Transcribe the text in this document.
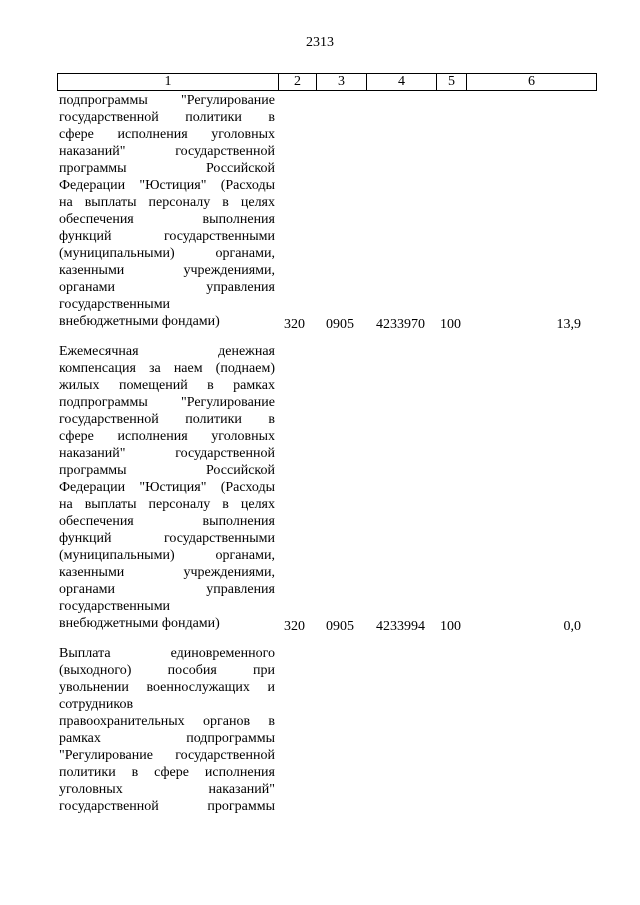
2313
1	2	3	4	5	6
подпрограммы "Регулирование
государственной политики в
сфере исполнения уголовных
наказаний" государственной
программы Российской
Федерации "Юстиция" (Расходы
на выплаты персоналу в целях
обеспечения выполнения
функций государственными
(муниципальными) органами,
казенными учреждениями,
органами управления
государственными
внебюджетными фондами)	320 0905 4233970 100	13,9
Ежемесячная денежная
компенсация за наем (поднаем)
жилых помещений в рамках
подпрограммы "Регулирование
государственной политики в
сфере исполнения уголовных
наказаний" государственной
программы Российской
Федерации "Юстиция" (Расходы
на выплаты персоналу в целях
обеспечения выполнения
функций государственными
(муниципальными) органами,
казенными учреждениями,
органами управления
государственными
внебюджетными фондами)	320 0905 4233994 100	0,0
Выплата единовременного
(выходного) пособия при
увольнении военнослужащих и
сотрудников
правоохранительных органов в
рамках подпрограммы
"Регулирование государственной
политики в сфере исполнения
уголовных наказаний"
государственной программы
